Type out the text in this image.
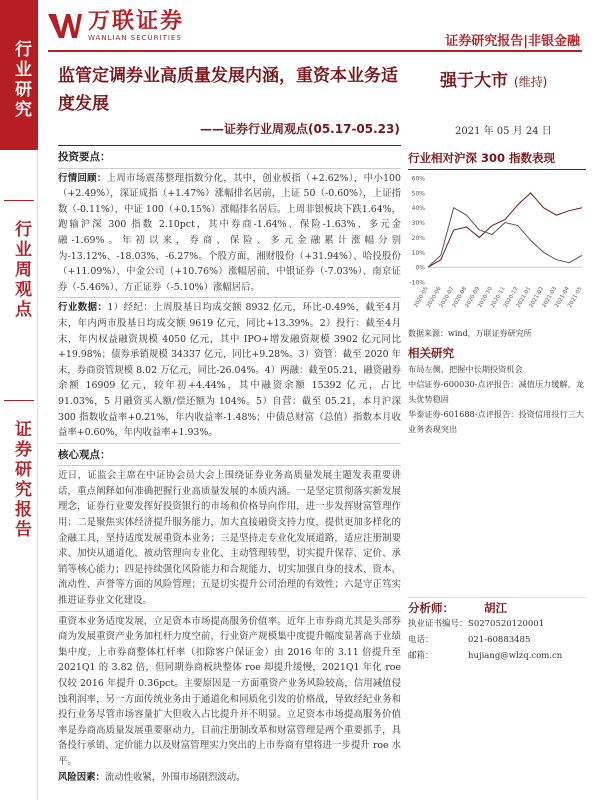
行业研究
行业周观点
证券研究报告
万联证券
WANLIAN SECURITIES	证券研究报告|非银金融
监管定调券业高质量发展内涵，重资本业务适度发展
——证券行业周观点(05.17-05.23)
强于大市 (维持)
2021 年 05 月 24 日
投资要点：

行情回顾：上周市场震荡整理指数分化，其中，创业板指（+2.62%），中小100（+2.49%），深证成指（+1.47%）涨幅排名居前，上证 50（-0.60%），上证指数（-0.11%），中证 100（+0.15%）涨幅排名居后。上周非银板块下跌1.64%，跑输沪深 300 指数 2.10pct，其中券商-1.64%、保险-1.63%、多元金融-1.69%。年初以来，券商、保险、多元金融累计涨幅分别为-13.12%、-18.03%、-6.27%。个股方面，湘财股份（+31.94%）、哈投股份（+11.09%）、中金公司（+10.76%）涨幅居前，中银证券（-7.03%）、南京证券（-5.46%）、方正证券（-5.10%）涨幅居后。

行业数据：1）经纪：上周股基日均成交额 8932 亿元，环比-0.49%，截至4月末，年内两市股基日均成交额 9619 亿元，同比+13.39%。2）投行：截至4月末，年内权益融资规模 4050 亿元，其中 IPO+增发融资规模 3902 亿元同比+19.98%；债券承销规模 34337 亿元，同比+9.28%。3）资管：截至 2020 年末，券商资管规模 8.02 万亿元，同比-26.04%。4）两融：截至05.21，融资融券余额 16909 亿元，较年初+4.44%，其中融资余额 15392 亿元，占比 91.03%，5 月融资买入额/偿还额为 104%。5）自营：截至 05.21，本月沪深 300 指数收益率+0.21%，年内收益率-1.48%；中债总财富（总值）指数本月收益率+0.60%，年内收益率+1.93%。

核心观点：

近日，证监会主席在中证协会员大会上围绕证券业务高质量发展主题发表重要讲话，重点阐释如何准确把握行业高质量发展的本质内涵。一是坚定贯彻落实新发展理念，证券行业要发挥好投资银行的市场和价格导向作用，进一步发挥财富管理作用；二是聚焦实体经济提升服务能力，加大直接融资支持力度，提供更加多样化的金融工具，坚持适度发展重资本业务；三是坚持走专业化发展道路，适应注册制要求、加快从通道化、被动管理向专业化、主动管理转型，切实提升保荐、定价、承销等核心能力；四是持续强化风险能力和合规能力，切实加强自身的技术、资本、流动性、声誉等方面的风险管理；五是切实提升公司治理的有效性；六是守正笃实推进证券业文化建设。

重资本业务适度发展，立足资本市场提高服务价值率。近年上市券商尤其是头部券商为发展重资产业务加杠杆力度空前，行业资产规模集中度提升幅度显著高于业绩集中度，上市券商整体杠杆率（扣除客户保证金）由 2016 年的 3.11 倍提升至 2021Q1 的 3.82 倍，但同期券商板块整体 roe 却提升缓慢，2021Q1 年化 roe 仅较 2016 年提升 0.36pct。主要原因是一方面重资产业务风险较高，信用减值侵蚀利润率，另一方面传统业务由于通道化和同质化引发的价格战，导致经纪业务和投行业务尽管市场容量扩大但收入占比提升并不明显。立足资本市场提高服务价值率是券商高质量发展重要驱动力，目前注册制改革和财富管理是两个重要抓手，具备投行承销、定价能力以及财富管理实力突出的上市券商有望将进一步提升 roe 水平。

风险因素：流动性收紧，外围市场剧烈波动。

行业相对沪深 300 指数表现
-10%
0%
10%
20%
30%
40%
50%
60%
2020-05
2020-06
2020-07
2020-08
2020-09
2020-10
2020-11
2020-12
2021-01
2021-02
2021-03
2021-04
2021-05
数据来源：wind，万联证券研究所
相关研究
布局左侧，把握中长期投资机会
中信证券-600030-点评报告：减值压力缓解，龙头优势稳固
华泰证券-601688-点评报告：投资信用投行三大业务表现突出
分析师：	胡江
执业证书编号： S0270520120001
电话：	021-60883485
邮箱：	hujiang@wlzq.com.cn
